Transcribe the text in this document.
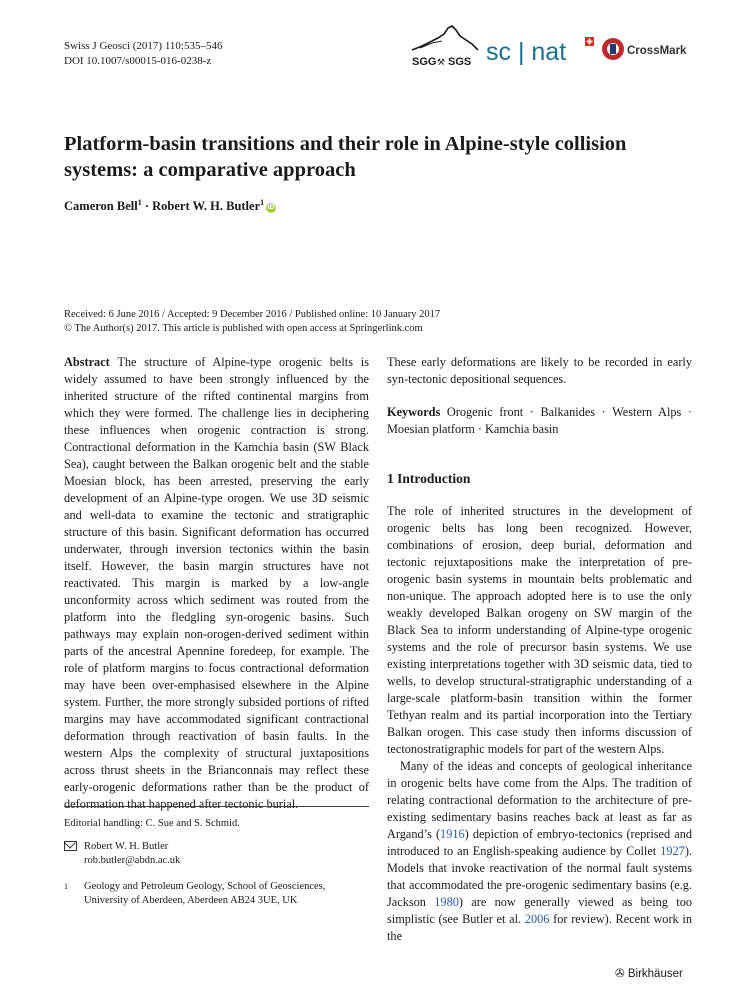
Swiss J Geosci (2017) 110:535–546
DOI 10.1007/s00015-016-0238-z	SGG ⚒ SGS sc | nat	CrossMark
Platform-basin transitions and their role in Alpine-style collision systems: a comparative approach
Cameron Bell$^1$ · Robert W. H. Butler$^1$iD
Received: 6 June 2016 / Accepted: 9 December 2016 / Published online: 10 January 2017
© The Author(s) 2017. This article is published with open access at Springerlink.com

Abstract The structure of Alpine-type orogenic belts is widely assumed to have been strongly influenced by the inherited structure of the rifted continental margins from which they were formed. The challenge lies in deciphering these influences when orogenic contraction is strong. Contractional deformation in the Kamchia basin (SW Black Sea), caught between the Balkan orogenic belt and the stable Moesian block, has been arrested, preserving the early development of an Alpine-type orogen. We use 3D seismic and well-data to examine the tectonic and stratigraphic structure of this basin. Significant deformation has occurred underwater, through inversion tectonics within the basin itself. However, the basin margin structures have not reactivated. This margin is marked by a low-angle unconformity across which sediment was routed from the platform into the fledgling syn-orogenic basins. Such pathways may explain non-orogen-derived sediment within parts of the ancestral Apennine foredeep, for example. The role of platform margins to focus contractional deformation may have been over-emphasised elsewhere in the Alpine system. Further, the more strongly subsided portions of rifted margins may have accommodated significant contractional deformation through reactivation of basin faults. In the western Alps the complexity of structural juxtapositions across thrust sheets in the Brianconnais may reflect these early-orogenic deformations rather than be the product of deformation that happened after tectonic burial.

These early deformations are likely to be recorded in early syn-tectonic depositional sequences.

Keywords Orogenic front · Balkanides · Western Alps · Moesian platform · Kamchia basin

1 Introduction

The role of inherited structures in the development of orogenic belts has long been recognized. However, combinations of erosion, deep burial, deformation and tectonic rejuxtapositions make the interpretation of pre-orogenic basin systems in mountain belts problematic and non-unique. The approach adopted here is to use the only weakly developed Balkan orogeny on SW margin of the Black Sea to inform understanding of Alpine-type orogenic systems and the role of precursor basin systems. We use existing interpretations together with 3D seismic data, tied to wells, to develop structural-stratigraphic understanding of a large-scale platform-basin transition within the former Tethyan realm and its partial incorporation into the Tertiary Balkan orogen. This case study then informs discussion of tectonostratigraphic models for part of the western Alps.

Many of the ideas and concepts of geological inheritance in orogenic belts have come from the Alps. The tradition of relating contractional deformation to the architecture of pre-existing sedimentary basins reaches back at least as far as Argand’s (1916) depiction of embryo-tectonics (reprised and introduced to an English-speaking audience by Collet 1927). Models that invoke reactivation of the normal fault systems that accommodated the pre-orogenic sedimentary basins (e.g. Jackson 1980) are now generally viewed as being too simplistic (see Butler et al. 2006 for review). Recent work in the

Editorial handling: C. Sue and S. Schmid.
Robert W. H. Butler
rob.butler@abdn.ac.uk
1 Geology and Petroleum Geology, School of Geosciences,
University of Aberdeen, Aberdeen AB24 3UE, UK
✇ Birkhäuser
